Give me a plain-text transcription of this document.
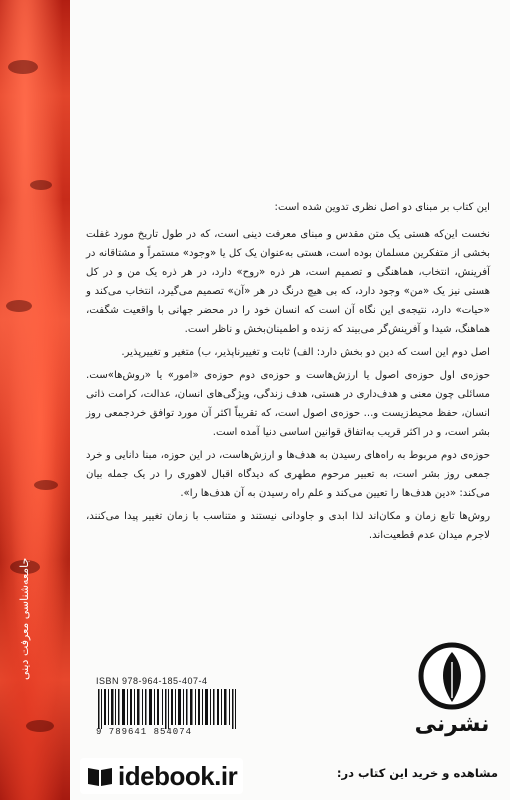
جامعه‌شناسی معرفت دینی

این کتاب بر مبنای دو اصل نظری تدوین شده است:

نخست این‌که هستی یک متن مقدس و مبنای معرفت دینی است، که در طول تاریخ مورد غفلت بخشی از متفکرین مسلمان بوده است، هستی به‌عنوان یک کل یا «وجود» مستمراً و مشتاقانه در آفرینش، انتخاب، هماهنگی و تصمیم است، هر ذره «روح» دارد، در هر ذره یک من و در کل هستی نیز یک «من» وجود دارد، که بی هیچ درنگ در هر «آن» تصمیم می‌گیرد، انتخاب می‌کند و «حیات» دارد، نتیجه‌ی این نگاه آن است که انسان خود را در محضر جهانی با واقعیت شگفت، هماهنگ، شیدا و آفرینش‌گر می‌بیند که زنده و اطمینان‌بخش و ناظر است.

اصل دوم این است که دین دو بخش دارد: الف) ثابت و تغییرناپذیر، ب) متغیر و تغییرپذیر.

حوزه‌ی اول حوزه‌ی اصول یا ارزش‌هاست و حوزه‌ی دوم حوزه‌ی «امور» یا «روش‌ها»ست. مسائلی چون معنی و هدف‌داری در هستی، هدف زندگی، ویژگی‌های انسان، عدالت، کرامت ذاتی انسان، حفظ محیط‌زیست و... حوزه‌ی اصول است، که تقریباً اکثر آن مورد توافق خردجمعی روز بشر است، و در اکثر قریب به‌اتفاق قوانین اساسی دنیا آمده است.

حوزه‌ی دوم مربوط به راه‌های رسیدن به هدف‌ها و ارزش‌هاست، در این حوزه، مبنا دانایی و خرد جمعی روز بشر است، به تعبیر مرحوم مطهری که دیدگاه اقبال لاهوری را در یک جمله بیان می‌کند: «دین هدف‌ها را تعیین می‌کند و علم راه رسیدن به آن هدف‌ها را».

روش‌ها تابع زمان و مکان‌اند لذا ابدی و جاودانی نیستند و متناسب با زمان تغییر پیدا می‌کنند، لاجرم میدان عدم قطعیت‌اند.

ISBN 978-964-185-407-4
9 789641 854074	نشرنی
idebook.ir	مشاهده و خرید این کتاب در:
